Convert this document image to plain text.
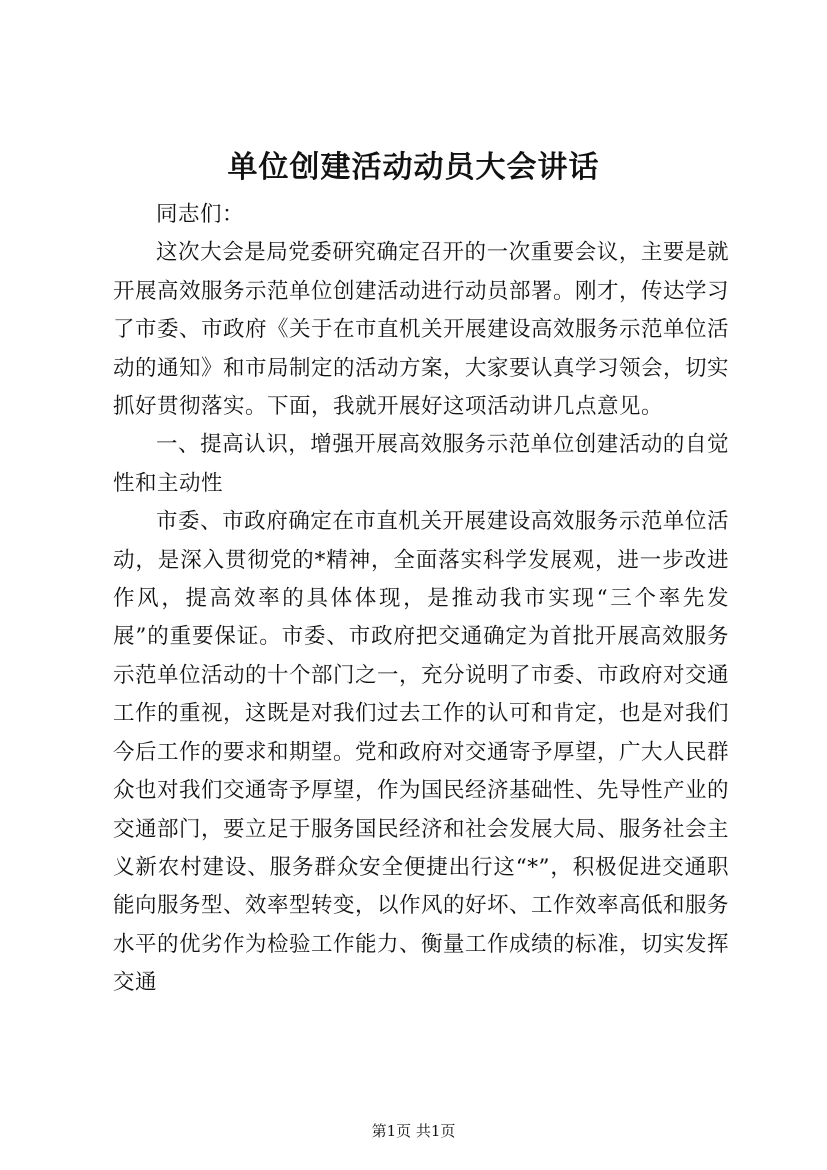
单位创建活动动员大会讲话

同志们：

这次大会是局党委研究确定召开的一次重要会议，主要是就开展高效服务示范单位创建活动进行动员部署。刚才，传达学习了市委、市政府《关于在市直机关开展建设高效服务示范单位活动的通知》和市局制定的活动方案，大家要认真学习领会，切实抓好贯彻落实。下面，我就开展好这项活动讲几点意见。

一、提高认识，增强开展高效服务示范单位创建活动的自觉性和主动性

市委、市政府确定在市直机关开展建设高效服务示范单位活动，是深入贯彻党的*精神，全面落实科学发展观，进一步改进作风，提高效率的具体体现，是推动我市实现“三个率先发展”的重要保证。市委、市政府把交通确定为首批开展高效服务示范单位活动的十个部门之一，充分说明了市委、市政府对交通工作的重视，这既是对我们过去工作的认可和肯定，也是对我们今后工作的要求和期望。党和政府对交通寄予厚望，广大人民群众也对我们交通寄予厚望，作为国民经济基础性、先导性产业的交通部门，要立足于服务国民经济和社会发展大局、服务社会主义新农村建设、服务群众安全便捷出行这“*”，积极促进交通职能向服务型、效率型转变，以作风的好坏、工作效率高低和服务水平的优劣作为检验工作能力、衡量工作成绩的标准，切实发挥交通

第1页 共1页
